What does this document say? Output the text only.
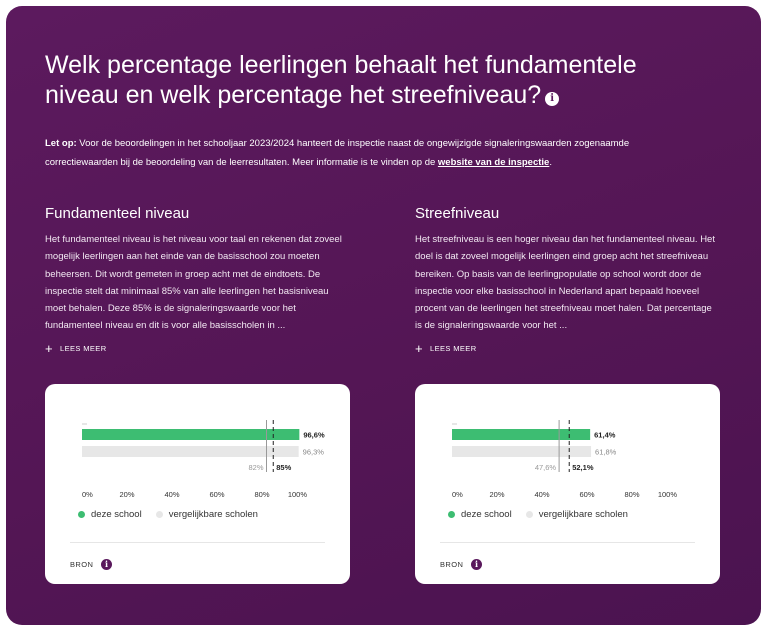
Welk percentage leerlingen behaalt het fundamentele niveau en welk percentage het streefniveau? i
Let op: Voor de beoordelingen in het schooljaar 2023/2024 hanteert de inspectie naast de ongewijzigde signaleringswaarden zogenaamde correctiewaarden bij de beoordeling van de leerresultaten. Meer informatie is te vinden op de website van de inspectie.
Fundamenteel niveau

Het fundamenteel niveau is het niveau voor taal en rekenen dat zoveel mogelijk leerlingen aan het einde van de basisschool zou moeten beheersen. Dit wordt gemeten in groep acht met de eindtoets. De inspectie stelt dat minimaal 85% van alle leerlingen het basisniveau moet behalen. Deze 85% is de signaleringswaarde voor het fundamenteel niveau en dit is voor alle basisscholen in ...

+ LEES MEER
Streefniveau

Het streefniveau is een hoger niveau dan het fundamenteel niveau. Het doel is dat zoveel mogelijk leerlingen eind groep acht het streefniveau bereiken. Op basis van de leerlingpopulatie op school wordt door de inspectie voor elke basisschool in Nederland apart bepaald hoeveel procent van de leerlingen het streefniveau moet halen. Dat percentage is de signaleringswaarde voor het ...

+ LEES MEER
96,6%
96,3%
82% 85%
0%	20%	40%	60%	80% 100%
deze school	vergelijkbare scholen
BRON	i
61,4%
61,8%
47,6% 52,1%
0%	20%	40%	60%	80% 100%
deze school	vergelijkbare scholen
BRON	i
